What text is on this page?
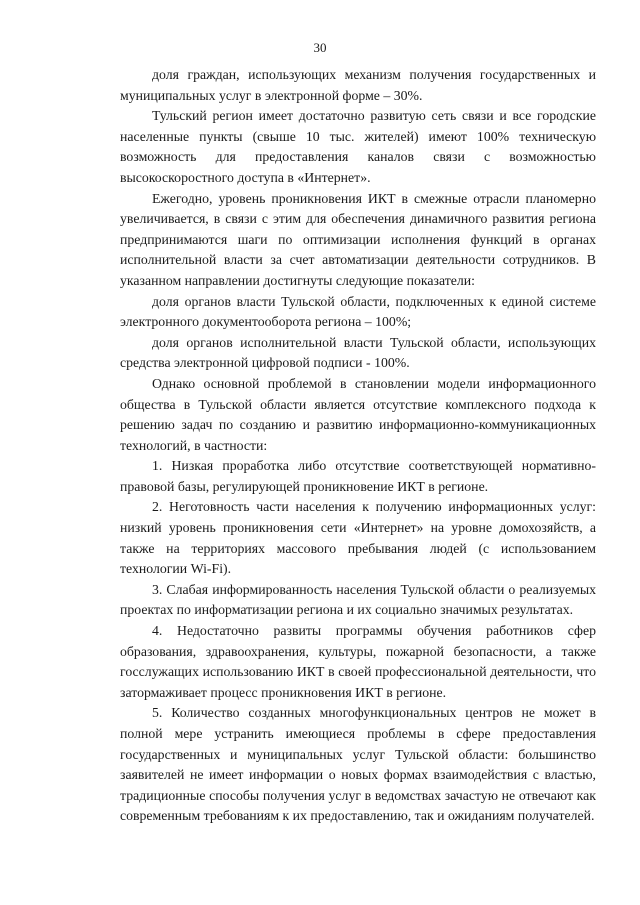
30

доля граждан, использующих механизм получения государственных и муниципальных услуг в электронной форме – 30%.

Тульский регион имеет достаточно развитую сеть связи и все городские населенные пункты (свыше 10 тыс. жителей) имеют 100% техническую возможность для предоставления каналов связи с возможностью высокоскоростного доступа в «Интернет».

Ежегодно, уровень проникновения ИКТ в смежные отрасли планомерно увеличивается, в связи с этим для обеспечения динамичного развития региона предпринимаются шаги по оптимизации исполнения функций в органах исполнительной власти за счет автоматизации деятельности сотрудников. В указанном направлении достигнуты следующие показатели:

доля органов власти Тульской области, подключенных к единой системе электронного документооборота региона – 100%;

доля органов исполнительной власти Тульской области, использующих средства электронной цифровой подписи - 100%.

Однако основной проблемой в становлении модели информационного общества в Тульской области является отсутствие комплексного подхода к решению задач по созданию и развитию информационно-коммуникационных технологий, в частности:

1. Низкая проработка либо отсутствие соответствующей нормативно-правовой базы, регулирующей проникновение ИКТ в регионе.

2. Неготовность части населения к получению информационных услуг: низкий уровень проникновения сети «Интернет» на уровне домохозяйств, а также на территориях массового пребывания людей (с использованием технологии Wi-Fi).

3. Слабая информированность населения Тульской области о реализуемых проектах по информатизации региона и их социально значимых результатах.

4. Недостаточно развиты программы обучения работников сфер образования, здравоохранения, культуры, пожарной безопасности, а также госслужащих использованию ИКТ в своей профессиональной деятельности, что затормаживает процесс проникновения ИКТ в регионе.

5. Количество созданных многофункциональных центров не может в полной мере устранить имеющиеся проблемы в сфере предоставления государственных и муниципальных услуг Тульской области: большинство заявителей не имеет информации о новых формах взаимодействия с властью, традиционные способы получения услуг в ведомствах зачастую не отвечают как современным требованиям к их предоставлению, так и ожиданиям получателей.
